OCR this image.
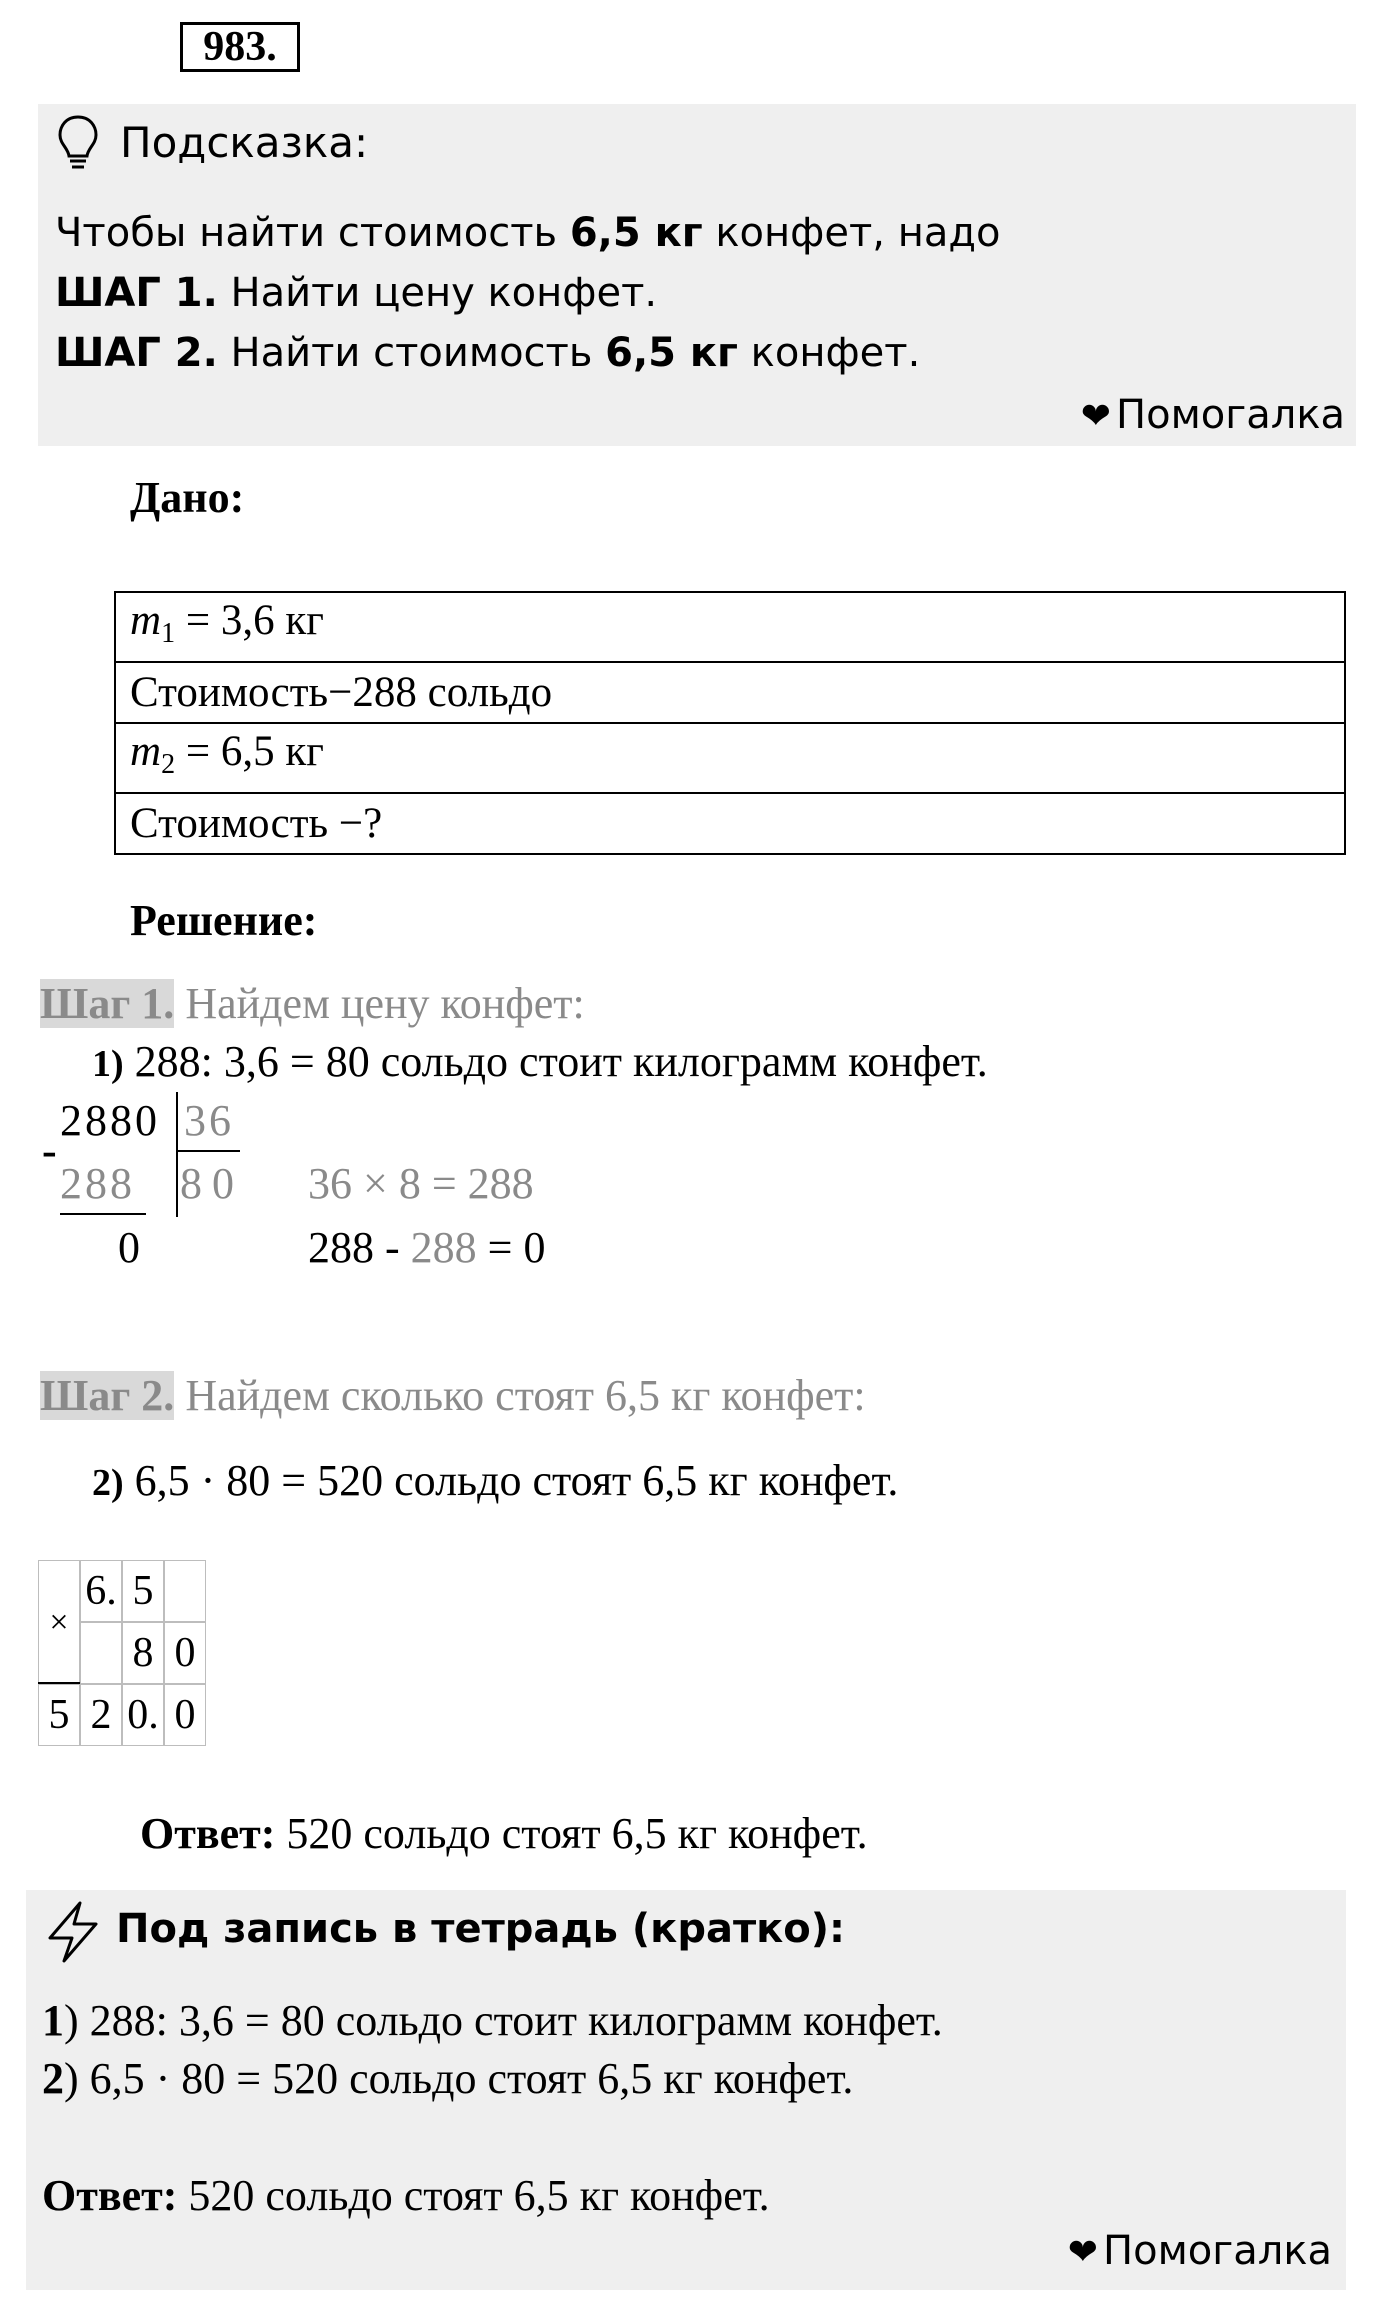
983.
Подсказка:
Чтобы найти стоимость 6,5 кг конфет, надо
ШАГ 1. Найти цену конфет.
ШАГ 2. Найти стоимость 6,5 кг конфет.
❤ Помогалка
Дано:
$m_1 = 3,6$ кг
Стоимость−288 сольдо
$m_2 = 6,5$ кг
Стоимость −?
Решение:
Шаг 1. Найдем цену конфет:
1) 288: 3,6 = 80 сольдо стоит килограмм конфет.
2880 36
-
288 80
0
36 × 8 = 288
288 - 288 = 0
Шаг 2. Найдем сколько стоят 6,5 кг конфет:
2) 6,5 · 80 = 520 сольдо стоят 6,5 кг конфет.
×
6. 5
8 0
5 2 0. 0
Ответ: 520 сольдо стоят 6,5 кг конфет.
Под запись в тетрадь (кратко):
1) 288: 3,6 = 80 сольдо стоит килограмм конфет.
2) 6,5 · 80 = 520 сольдо стоят 6,5 кг конфет.
Ответ: 520 сольдо стоят 6,5 кг конфет.
❤ Помогалка
